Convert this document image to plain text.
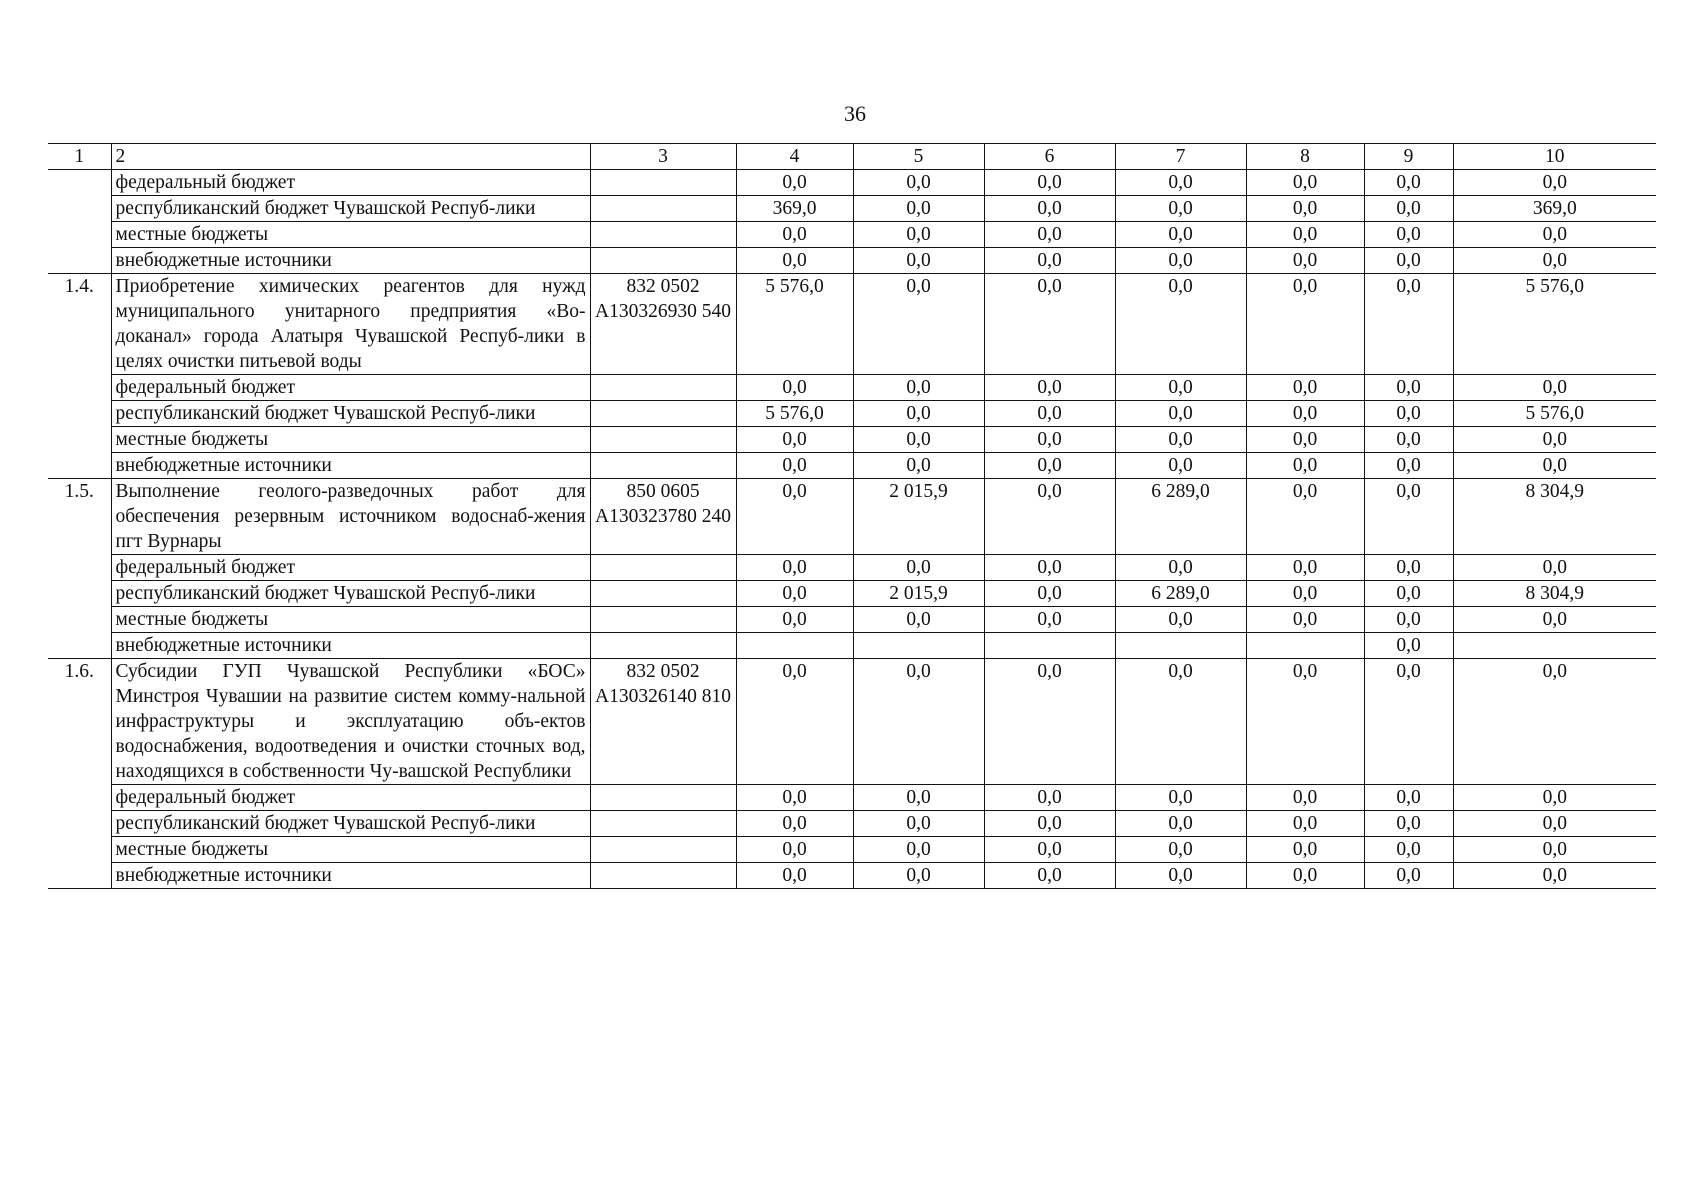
36
1	2	3	4	5	6	7	8	9	10
	федеральный бюджет		0,0	0,0	0,0	0,0	0,0	0,0	0,0
	республиканский бюджет Чувашской Респуб-лики		369,0	0,0	0,0	0,0	0,0	0,0	369,0
	местные бюджеты		0,0	0,0	0,0	0,0	0,0	0,0	0,0
	внебюджетные источники		0,0	0,0	0,0	0,0	0,0	0,0	0,0
1.4.	Приобретение химических реагентов для нужд муниципального унитарного предприятия «Во-доканал» города Алатыря Чувашской Респуб-лики в целях очистки питьевой воды	832 0502 А130326930 540	5 576,0	0,0	0,0	0,0	0,0	0,0	5 576,0
	федеральный бюджет		0,0	0,0	0,0	0,0	0,0	0,0	0,0
	республиканский бюджет Чувашской Респуб-лики		5 576,0	0,0	0,0	0,0	0,0	0,0	5 576,0
	местные бюджеты		0,0	0,0	0,0	0,0	0,0	0,0	0,0
	внебюджетные источники		0,0	0,0	0,0	0,0	0,0	0,0	0,0
1.5.	Выполнение геолого-разведочных работ для обеспечения резервным источником водоснаб-жения пгт Вурнары	850 0605 А130323780 240	0,0	2 015,9	0,0	6 289,0	0,0	0,0	8 304,9
	федеральный бюджет		0,0	0,0	0,0	0,0	0,0	0,0	0,0
	республиканский бюджет Чувашской Респуб-лики		0,0	2 015,9	0,0	6 289,0	0,0	0,0	8 304,9
	местные бюджеты		0,0	0,0	0,0	0,0	0,0	0,0	0,0
	внебюджетные источники							0,0	
1.6.	Субсидии ГУП Чувашской Республики «БОС» Минстроя Чувашии на развитие систем комму-нальной инфраструктуры и эксплуатацию объ-ектов водоснабжения, водоотведения и очистки сточных вод, находящихся в собственности Чу-вашской Республики	832 0502 А130326140 810	0,0	0,0	0,0	0,0	0,0	0,0	0,0
	федеральный бюджет		0,0	0,0	0,0	0,0	0,0	0,0	0,0
	республиканский бюджет Чувашской Респуб-лики		0,0	0,0	0,0	0,0	0,0	0,0	0,0
	местные бюджеты		0,0	0,0	0,0	0,0	0,0	0,0	0,0
	внебюджетные источники		0,0	0,0	0,0	0,0	0,0	0,0	0,0
